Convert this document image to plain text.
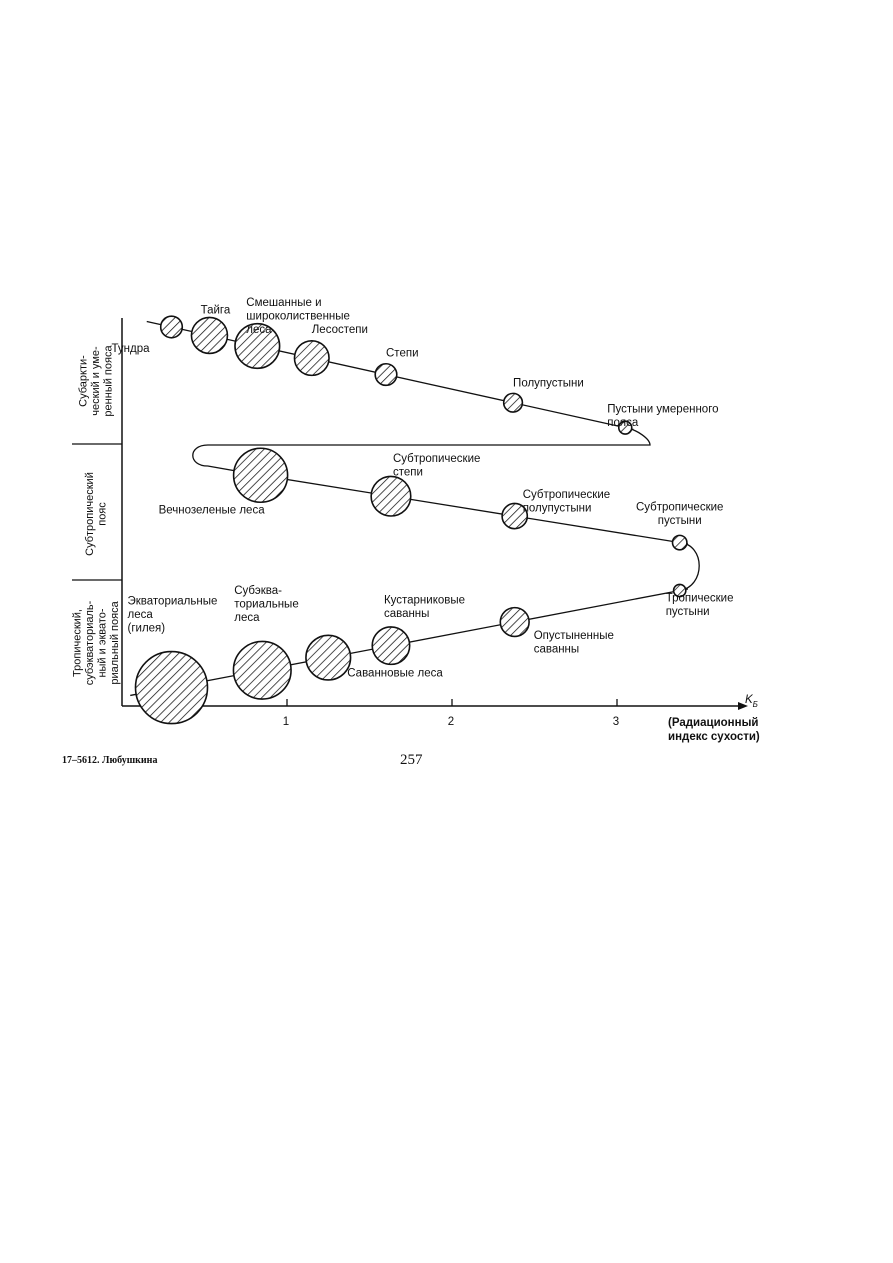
Субаркти-ческий и уме-ренный пояса
Субтропическийпояс
Тропический,субэкваториаль-ный и эквато-риальный пояса
1	2	3
$K_Б$
(Радиационный
индекс сухости)
Тундра
Тайга
Смешанные и широколиственные леса	Лесостепи
Степи
Полупустыни
Пустыни умеренного пояса
Вечнозеленые леса
Субтропические степи
Субтропические полупустыни	Субтропические пустыни
Экваториальные леса (гилея)
Субэква-ториальные леса
Саванновые леса
Кустарниковые саванны
Опустыненные саванны
Тропические пустыни
17–5612. Любушкина	257
